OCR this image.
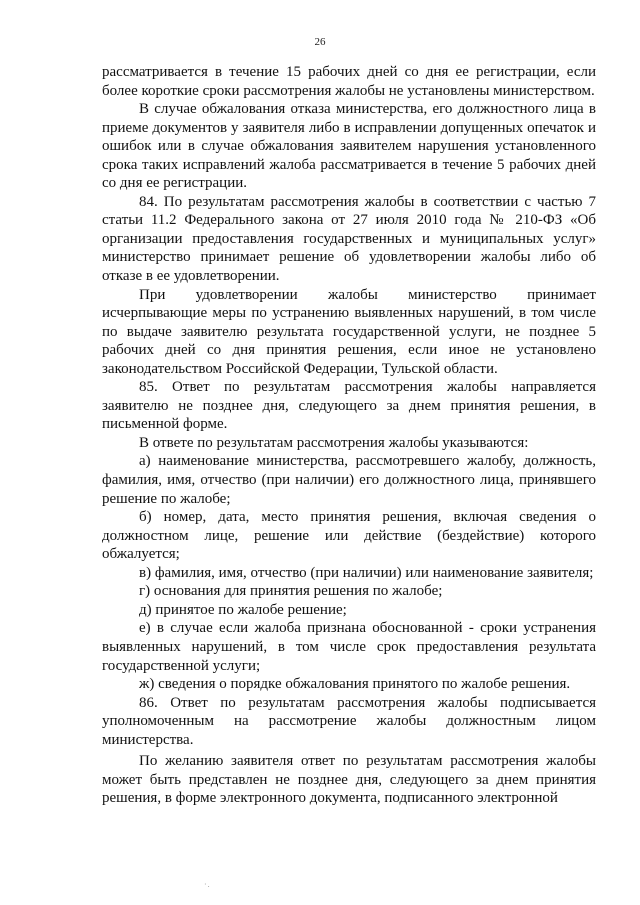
26

рассматривается в течение 15 рабочих дней со дня ее регистрации, если более короткие сроки рассмотрения жалобы не установлены министерством.

В случае обжалования отказа министерства, его должностного лица в приеме документов у заявителя либо в исправлении допущенных опечаток и ошибок или в случае обжалования заявителем нарушения установленного срока таких исправлений жалоба рассматривается в течение 5 рабочих дней со дня ее регистрации.

84. По результатам рассмотрения жалобы в соответствии с частью 7 статьи 11.2 Федерального закона от 27 июля 2010 года № 210-ФЗ «Об организации предоставления государственных и муниципальных услуг» министерство принимает решение об удовлетворении жалобы либо об отказе в ее удовлетворении.

При удовлетворении жалобы министерство принимает исчерпывающие меры по устранению выявленных нарушений, в том числе по выдаче заявителю результата государственной услуги, не позднее 5 рабочих дней со дня принятия решения, если иное не установлено законодательством Российской Федерации, Тульской области.

85. Ответ по результатам рассмотрения жалобы направляется заявителю не позднее дня, следующего за днем принятия решения, в письменной форме.

В ответе по результатам рассмотрения жалобы указываются:

а) наименование министерства, рассмотревшего жалобу, должность, фамилия, имя, отчество (при наличии) его должностного лица, принявшего решение по жалобе;

б) номер, дата, место принятия решения, включая сведения о должностном лице, решение или действие (бездействие) которого обжалуется;

в) фамилия, имя, отчество (при наличии) или наименование заявителя;

г) основания для принятия решения по жалобе;

д) принятое по жалобе решение;

е) в случае если жалоба признана обоснованной - сроки устранения выявленных нарушений, в том числе срок предоставления результата государственной услуги;

ж) сведения о порядке обжалования принятого по жалобе решения.

86. Ответ по результатам рассмотрения жалобы подписывается уполномоченным на рассмотрение жалобы должностным лицом министерства.

По желанию заявителя ответ по результатам рассмотрения жалобы может быть представлен не позднее дня, следующего за днем принятия решения, в форме электронного документа, подписанного электронной

·.
